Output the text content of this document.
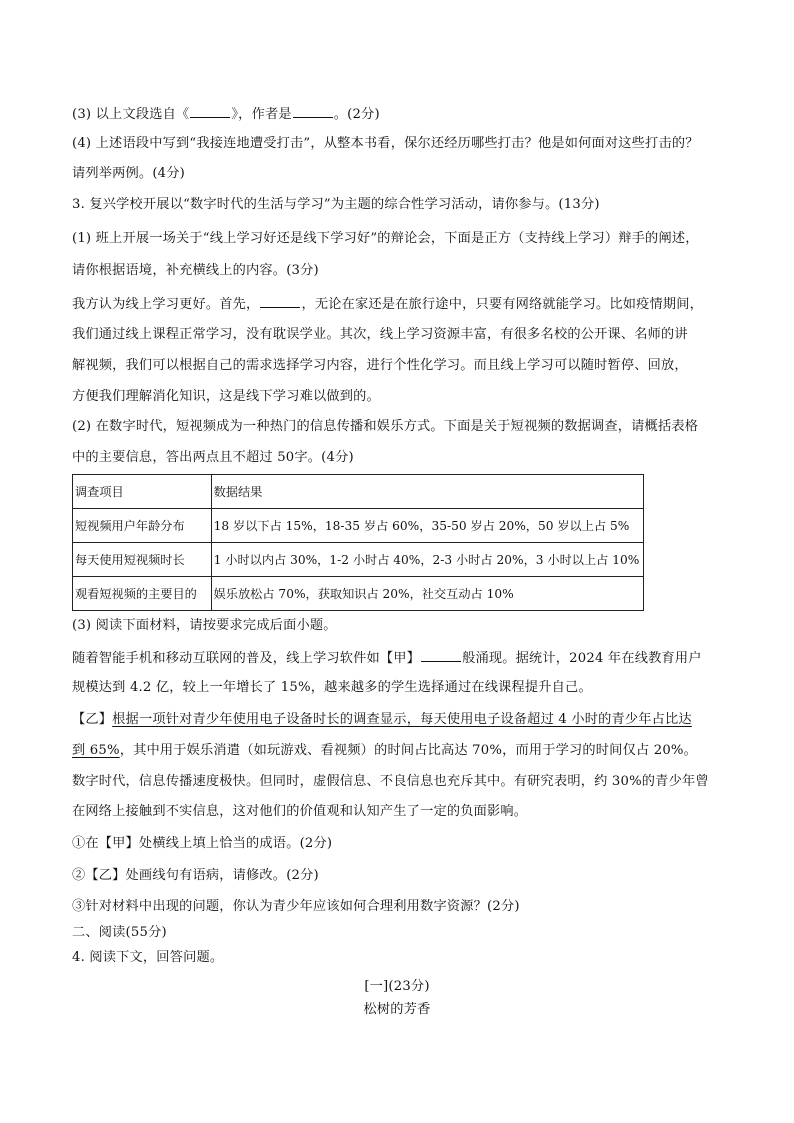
(3) 以上文段选自《	》，作者是	。(2分)
(4) 上述语段中写到“我接连地遭受打击”，从整本书看，保尔还经历哪些打击？他是如何面对这些打击的？
请列举两例。(4分)
3. 复兴学校开展以“数字时代的生活与学习”为主题的综合性学习活动，请你参与。(13分)
(1) 班上开展一场关于“线上学习好还是线下学习好”的辩论会，下面是正方（支持线上学习）辩手的阐述，
请你根据语境，补充横线上的内容。(3分)
我方认为线上学习更好。首先，	，无论在家还是在旅行途中，只要有网络就能学习。比如疫情期间，
我们通过线上课程正常学习，没有耽误学业。其次，线上学习资源丰富，有很多名校的公开课、名师的讲
解视频，我们可以根据自己的需求选择学习内容，进行个性化学习。而且线上学习可以随时暂停、回放，
方便我们理解消化知识，这是线下学习难以做到的。
(2) 在数字时代，短视频成为一种热门的信息传播和娱乐方式。下面是关于短视频的数据调查，请概括表格
中的主要信息，答出两点且不超过 50字。(4分)
调查项目	数据结果
短视频用户年龄分布	18 岁以下占 15%，18-35 岁占 60%，35-50 岁占 20%，50 岁以上占 5%
每天使用短视频时长	1 小时以内占 30%，1-2 小时占 40%，2-3 小时占 20%，3 小时以上占 10%
观看短视频的主要目的	娱乐放松占 70%，获取知识占 20%，社交互动占 10%
(3) 阅读下面材料，请按要求完成后面小题。
随着智能手机和移动互联网的普及，线上学习软件如【甲】	般涌现。据统计，2024 年在线教育用户
规模达到 4.2 亿，较上一年增长了 15%，越来越多的学生选择通过在线课程提升自己。
【乙】根据一项针对青少年使用电子设备时长的调查显示，每天使用电子设备超过 4 小时的青少年占比达
到 65%，其中用于娱乐消遣（如玩游戏、看视频）的时间占比高达 70%，而用于学习的时间仅占 20%。
数字时代，信息传播速度极快。但同时，虚假信息、不良信息也充斥其中。有研究表明，约 30%的青少年曾
在网络上接触到不实信息，这对他们的价值观和认知产生了一定的负面影响。
①在【甲】处横线上填上恰当的成语。(2分)
②【乙】处画线句有语病，请修改。(2分)
③针对材料中出现的问题，你认为青少年应该如何合理利用数字资源？(2分)
二、阅读(55分)
4. 阅读下文，回答问题。
[一](23分)
松树的芳香
